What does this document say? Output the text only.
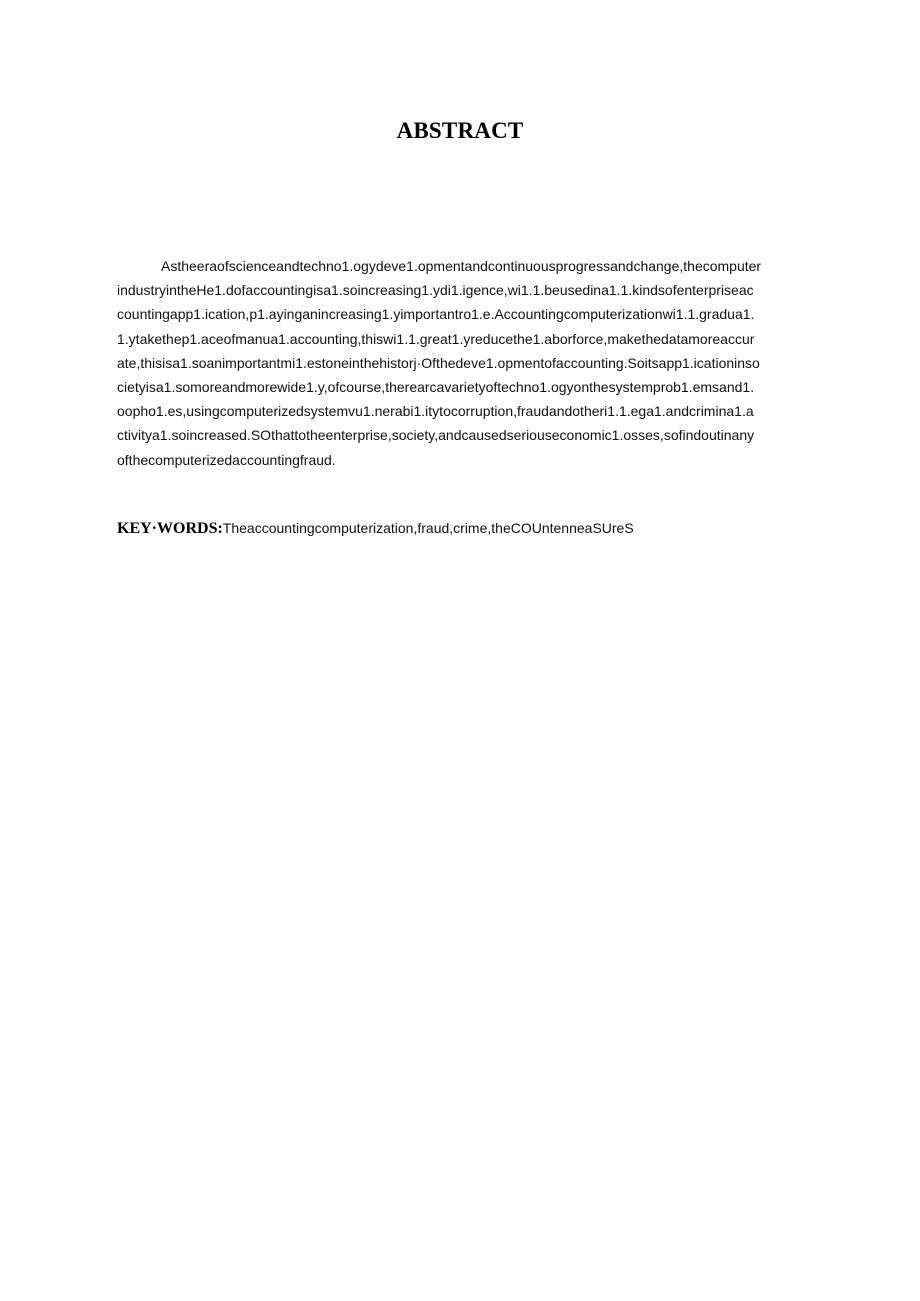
ABSTRACT
Astheeraofscienceandtechno1.ogydeve1.opmentandcontinuousprogressandchange,thecomputer
industryintheHe1.dofaccountingisa1.soincreasing1.ydi1.igence,wi1.1.beusedina1.1.kindsofenterpriseac
countingapp1.ication,p1.ayinganincreasing1.yimportantro1.e.Accountingcomputerizationwi1.1.gradua1.
1.ytakethep1.aceofmanua1.accounting,thiswi1.1.great1.yreducethe1.aborforce,makethedatamoreaccur
ate,thisisa1.soanimportantmi1.estoneinthehistorj·Ofthedeve1.opmentofaccounting.Soitsapp1.icationinso
cietyisa1.somoreandmorewide1.y,ofcourse,therearcavarietyoftechno1.ogyonthesystemprob1.emsand1.
oopho1.es,usingcomputerizedsystemvu1.nerabi1.itytocorruption,fraudandotheri1.1.ega1.andcrimina1.a
ctivitya1.soincreased.SOthattotheenterprise,society,andcausedseriouseconomic1.osses,sofindoutinany
ofthecomputerizedaccountingfraud.
KEY·WORDS:Theaccountingcomputerization,fraud,crime,theCOUntenneaSUreS
